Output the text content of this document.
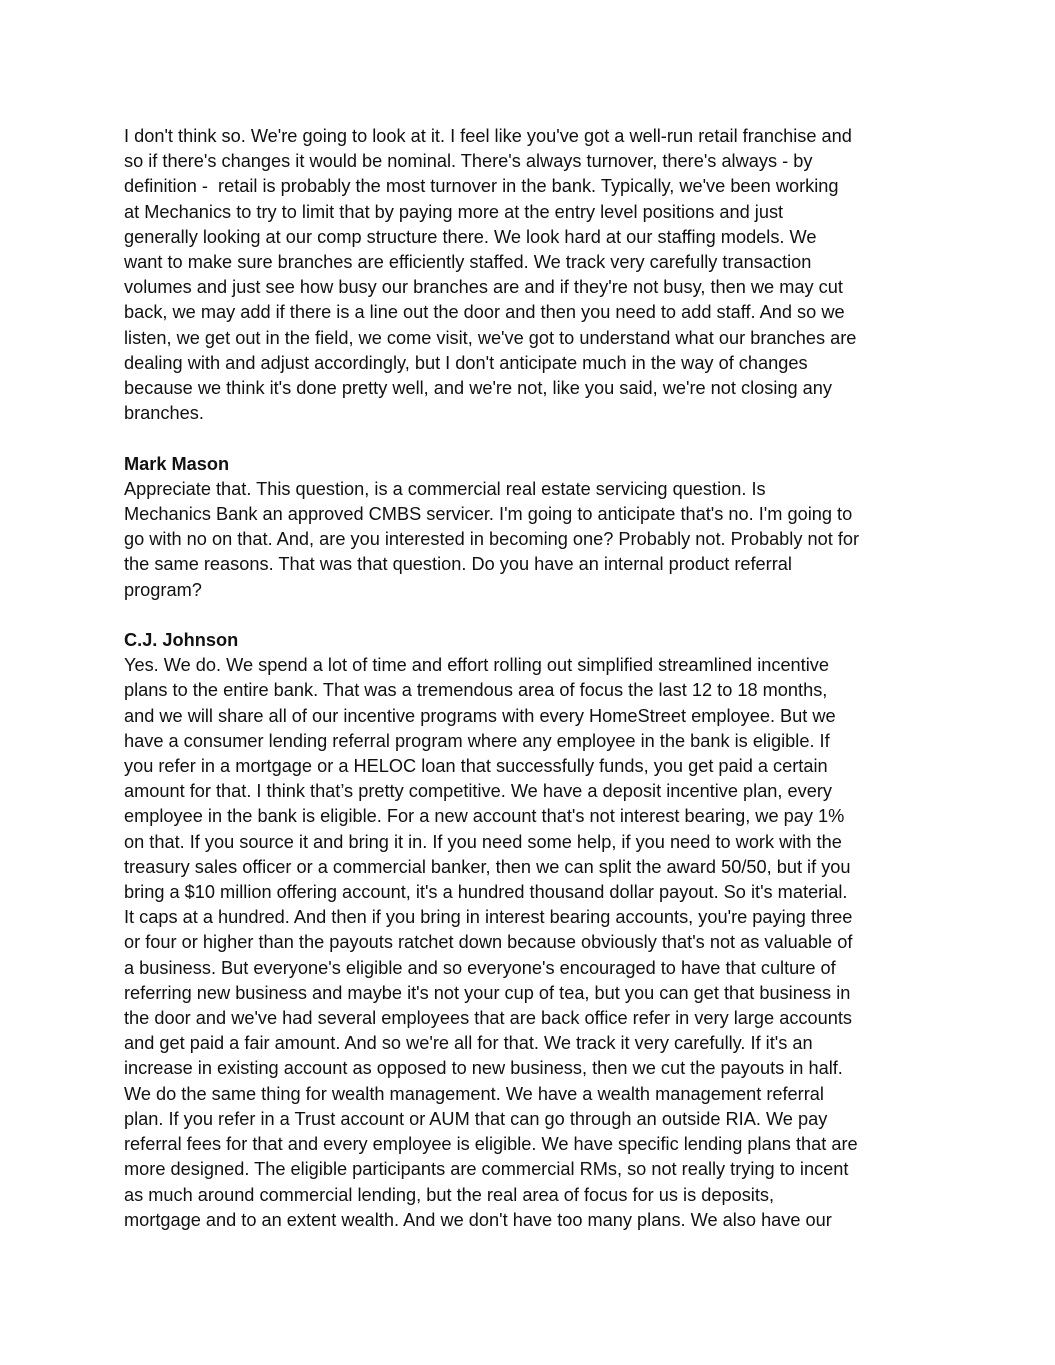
I don't think so. We're going to look at it. I feel like you've got a well-run retail franchise and
so if there's changes it would be nominal. There's always turnover, there's always - by
definition -  retail is probably the most turnover in the bank. Typically, we've been working
at Mechanics to try to limit that by paying more at the entry level positions and just
generally looking at our comp structure there. We look hard at our staffing models. We
want to make sure branches are efficiently staffed. We track very carefully transaction
volumes and just see how busy our branches are and if they're not busy, then we may cut
back, we may add if there is a line out the door and then you need to add staff. And so we
listen, we get out in the field, we come visit, we've got to understand what our branches are
dealing with and adjust accordingly, but I don't anticipate much in the way of changes
because we think it's done pretty well, and we're not, like you said, we're not closing any
branches.
Mark Mason
Appreciate that. This question, is a commercial real estate servicing question. Is
Mechanics Bank an approved CMBS servicer. I'm going to anticipate that's no. I'm going to
go with no on that. And, are you interested in becoming one? Probably not. Probably not for
the same reasons. That was that question. Do you have an internal product referral
program?
C.J. Johnson
Yes. We do. We spend a lot of time and effort rolling out simplified streamlined incentive
plans to the entire bank. That was a tremendous area of focus the last 12 to 18 months,
and we will share all of our incentive programs with every HomeStreet employee. But we
have a consumer lending referral program where any employee in the bank is eligible. If
you refer in a mortgage or a HELOC loan that successfully funds, you get paid a certain
amount for that. I think that’s pretty competitive. We have a deposit incentive plan, every
employee in the bank is eligible. For a new account that's not interest bearing, we pay 1%
on that. If you source it and bring it in. If you need some help, if you need to work with the
treasury sales officer or a commercial banker, then we can split the award 50/50, but if you
bring a $10 million offering account, it's a hundred thousand dollar payout. So it's material.
It caps at a hundred. And then if you bring in interest bearing accounts, you're paying three
or four or higher than the payouts ratchet down because obviously that's not as valuable of
a business. But everyone's eligible and so everyone's encouraged to have that culture of
referring new business and maybe it's not your cup of tea, but you can get that business in
the door and we've had several employees that are back office refer in very large accounts
and get paid a fair amount. And so we're all for that. We track it very carefully. If it's an
increase in existing account as opposed to new business, then we cut the payouts in half.
We do the same thing for wealth management. We have a wealth management referral
plan. If you refer in a Trust account or AUM that can go through an outside RIA. We pay
referral fees for that and every employee is eligible. We have specific lending plans that are
more designed. The eligible participants are commercial RMs, so not really trying to incent
as much around commercial lending, but the real area of focus for us is deposits,
mortgage and to an extent wealth. And we don't have too many plans. We also have our
